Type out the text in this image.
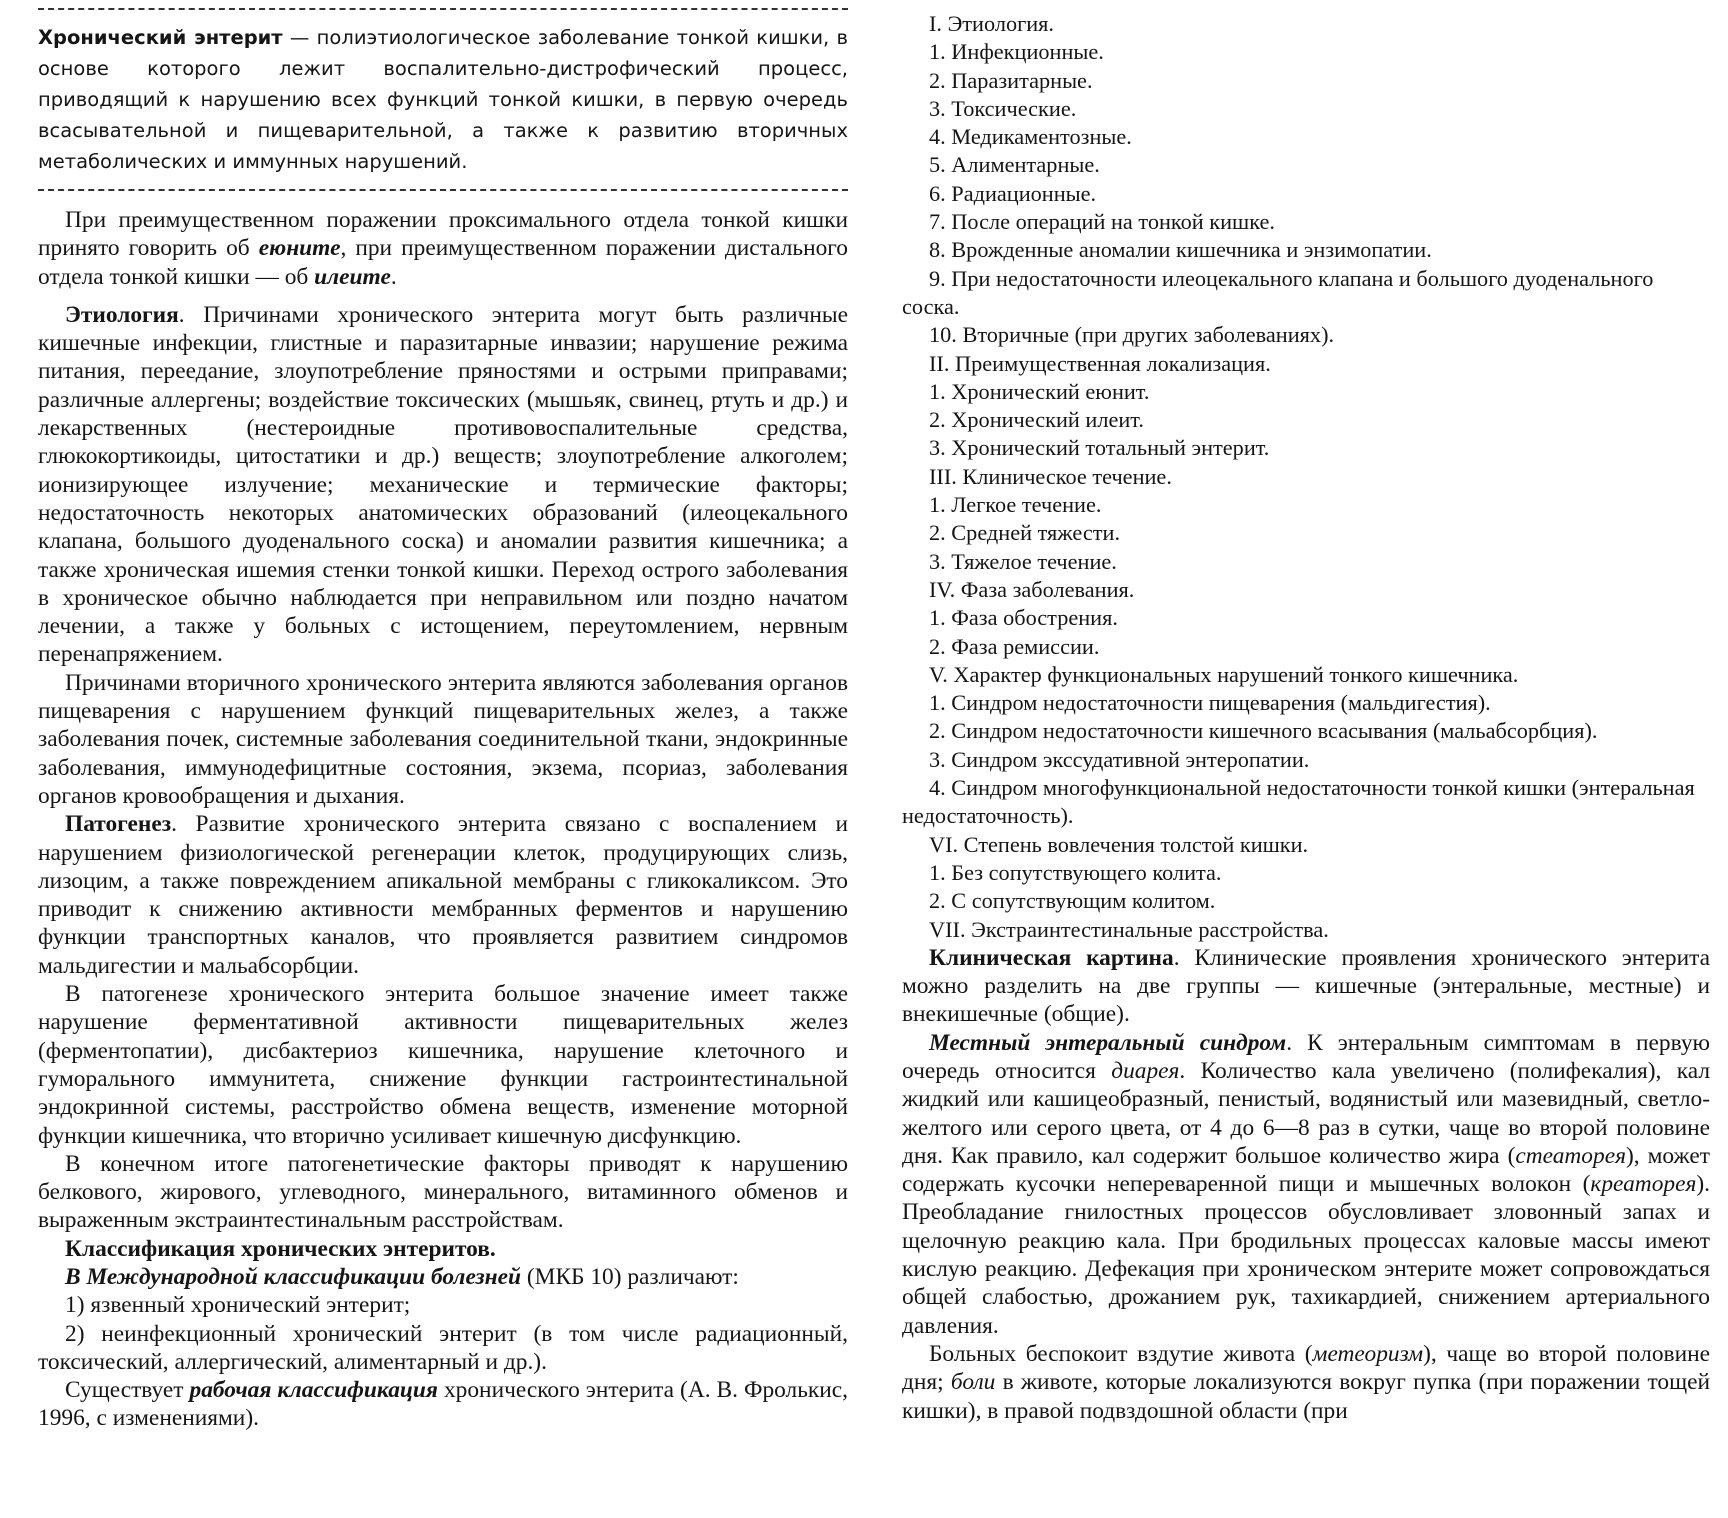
Хронический энтерит — полиэтиологическое заболевание тонкой кишки, в основе которого лежит воспалительно-дистрофический процесс, приводящий к нарушению всех функций тонкой кишки, в первую очередь всасывательной и пищеварительной, а также к развитию вторичных метаболических и иммунных нарушений.

При преимущественном поражении проксимального отдела тонкой кишки принято говорить об еюните, при преимущественном поражении дистального отдела тонкой кишки — об илеите.

Этиология. Причинами хронического энтерита могут быть различные кишечные инфекции, глистные и паразитарные инвазии; нарушение режима питания, переедание, злоупотребление пряностями и острыми приправами; различные аллергены; воздействие токсических (мышьяк, свинец, ртуть и др.) и лекарственных (нестероидные противовоспалительные средства, глюкокортикоиды, цитостатики и др.) веществ; злоупотребление алкоголем; ионизирующее излучение; механические и термические факторы; недостаточность некоторых анатомических образований (илеоцекального клапана, большого дуоденального соска) и аномалии развития кишечника; а также хроническая ишемия стенки тонкой кишки. Переход острого заболевания в хроническое обычно наблюдается при неправильном или поздно начатом лечении, а также у больных с истощением, переутомлением, нервным перенапряжением.

Причинами вторичного хронического энтерита являются заболевания органов пищеварения с нарушением функций пищеварительных желез, а также заболевания почек, системные заболевания соединительной ткани, эндокринные заболевания, иммунодефицитные состояния, экзема, псориаз, заболевания органов кровообращения и дыхания.

Патогенез. Развитие хронического энтерита связано с воспалением и нарушением физиологической регенерации клеток, продуцирующих слизь, лизоцим, а также повреждением апикальной мембраны с гликокаликсом. Это приводит к снижению активности мембранных ферментов и нарушению функции транспортных каналов, что проявляется развитием синдромов мальдигестии и мальабсорбции.

В патогенезе хронического энтерита большое значение имеет также нарушение ферментативной активности пищеварительных желез (ферментопатии), дисбактериоз кишечника, нарушение клеточного и гуморального иммунитета, снижение функции гастроинтестинальной эндокринной системы, расстройство обмена веществ, изменение моторной функции кишечника, что вторично усиливает кишечную дисфункцию.

В конечном итоге патогенетические факторы приводят к нарушению белкового, жирового, углеводного, минерального, витаминного обменов и выраженным экстраинтестинальным расстройствам.

Классификация хронических энтеритов.

В Международной классификации болезней (МКБ 10) различают:

1) язвенный хронический энтерит;

2) неинфекционный хронический энтерит (в том числе радиационный, токсический, аллергический, алиментарный и др.).

Существует рабочая классификация хронического энтерита (А. В. Фролькис, 1996, с изменениями).

I. Этиология.

1. Инфекционные.

2. Паразитарные.

3. Токсические.

4. Медикаментозные.

5. Алиментарные.

6. Радиационные.

7. После операций на тонкой кишке.

8. Врожденные аномалии кишечника и энзимопатии.

9. При недостаточности илеоцекального клапана и большого дуоденального соска.

10. Вторичные (при других заболеваниях).

II. Преимущественная локализация.

1. Хронический еюнит.

2. Хронический илеит.

3. Хронический тотальный энтерит.

III. Клиническое течение.

1. Легкое течение.

2. Средней тяжести.

3. Тяжелое течение.

IV. Фаза заболевания.

1. Фаза обострения.

2. Фаза ремиссии.

V. Характер функциональных нарушений тонкого кишечника.

1. Синдром недостаточности пищеварения (мальдигестия).

2. Синдром недостаточности кишечного всасывания (мальабсорбция).

3. Синдром экссудативной энтеропатии.

4. Синдром многофункциональной недостаточности тонкой кишки (энтеральная недостаточность).

VI. Степень вовлечения толстой кишки.

1. Без сопутствующего колита.

2. С сопутствующим колитом.

VII. Экстраинтестинальные расстройства.

Клиническая картина. Клинические проявления хронического энтерита можно разделить на две группы — кишечные (энтеральные, местные) и внекишечные (общие).

Местный энтеральный синдром. К энтеральным симптомам в первую очередь относится диарея. Количество кала увеличено (полифекалия), кал жидкий или кашицеобразный, пенистый, водянистый или мазевидный, светло-желтого или серого цвета, от 4 до 6—8 раз в сутки, чаще во второй половине дня. Как правило, кал содержит большое количество жира (стеаторея), может содержать кусочки непереваренной пищи и мышечных волокон (креаторея). Преобладание гнилостных процессов обусловливает зловонный запах и щелочную реакцию кала. При бродильных процессах каловые массы имеют кислую реакцию. Дефекация при хроническом энтерите может сопровождаться общей слабостью, дрожанием рук, тахикардией, снижением артериального давления.

Больных беспокоит вздутие живота (метеоризм), чаще во второй половине дня; боли в животе, которые локализуются вокруг пупка (при поражении тощей кишки), в правой подвздошной области (при
